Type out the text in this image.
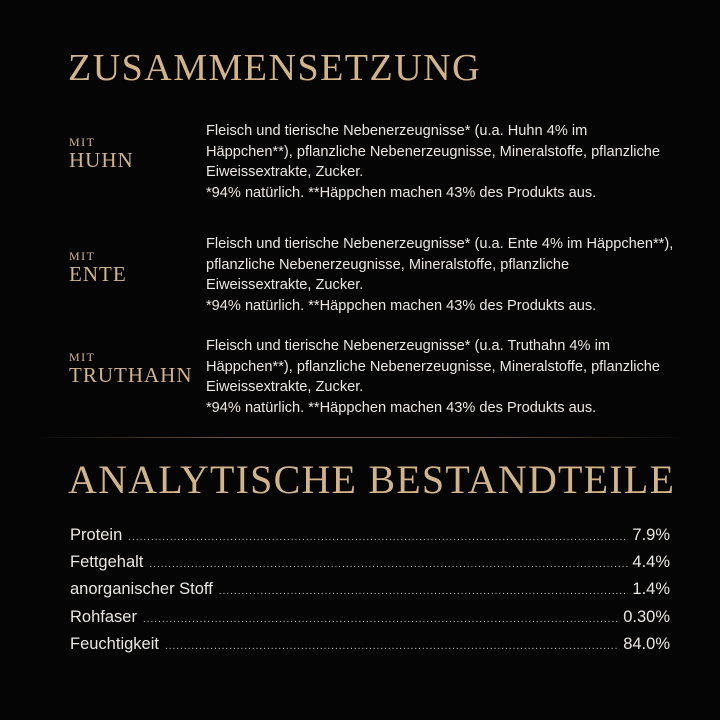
ZUSAMMENSETZUNG
MIT
HUHN

Fleisch und tierische Nebenerzeugnisse* (u.a. Huhn 4% im Häppchen**), pflanzliche Nebenerzeugnisse, Mineralstoffe, pflanzliche Eiweissextrakte, Zucker.

*94% natürlich. **Häppchen machen 43% des Produkts aus.

MIT
ENTE

Fleisch und tierische Nebenerzeugnisse* (u.a. Ente 4% im Häppchen**), pflanzliche Nebenerzeugnisse, Mineralstoffe, pflanzliche Eiweissextrakte, Zucker.

*94% natürlich. **Häppchen machen 43% des Produkts aus.

MIT
TRUTHAHN

Fleisch und tierische Nebenerzeugnisse* (u.a. Truthahn 4% im Häppchen**), pflanzliche Nebenerzeugnisse, Mineralstoffe, pflanzliche Eiweissextrakte, Zucker.

*94% natürlich. **Häppchen machen 43% des Produkts aus.

ANALYTISCHE BESTANDTEILE
Protein .....	7.9%
Fettgehalt .....	4.4%
anorganischer Stoff .....	1.4%
Rohfaser .....	0.30%
Feuchtigkeit .....	84.0%
